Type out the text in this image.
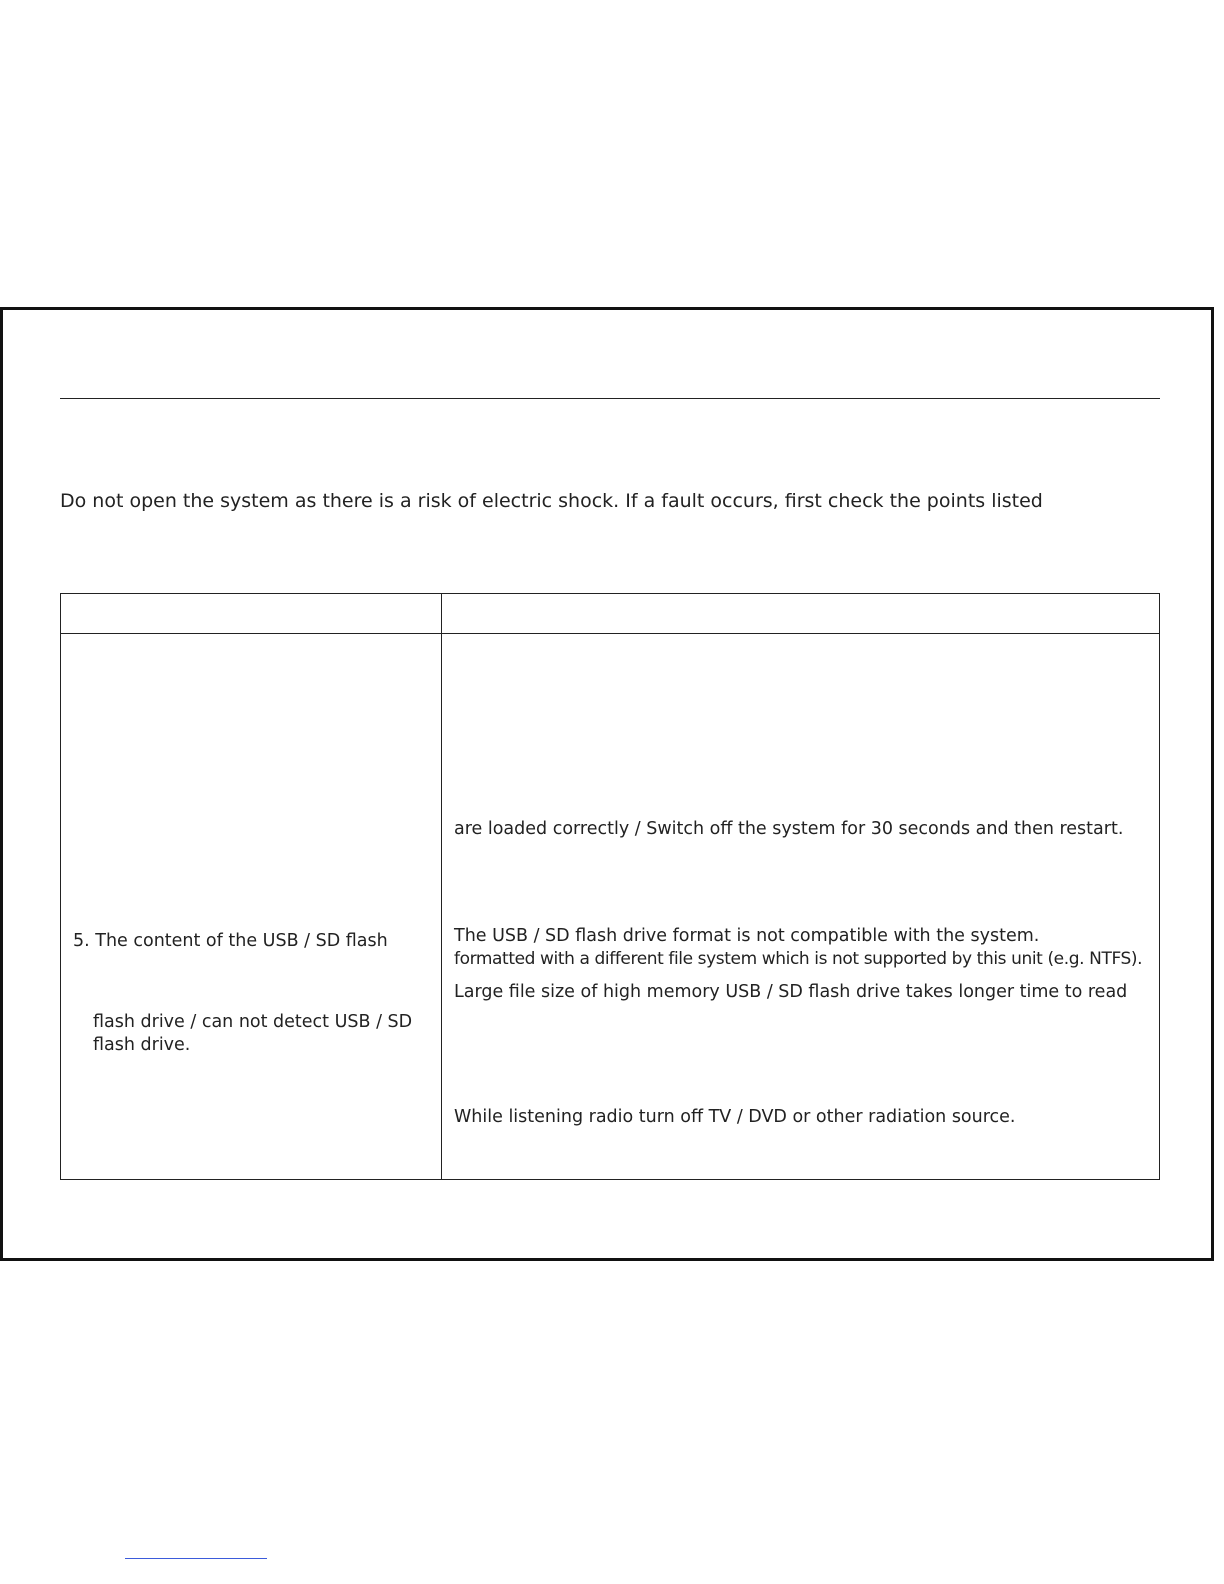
Do not open the system as there is a risk of electric shock. If a fault occurs, first check the points listed
5. The content of the USB / SD flash
flash drive / can not detect USB / SD
flash drive.
are loaded correctly / Switch off the system for 30 seconds and then restart.
The USB / SD flash drive format is not compatible with the system.
formatted with a different file system which is not supported by this unit (e.g. NTFS).
Large file size of high memory USB / SD flash drive takes longer time to read
While listening radio turn off TV / DVD or other radiation source.
